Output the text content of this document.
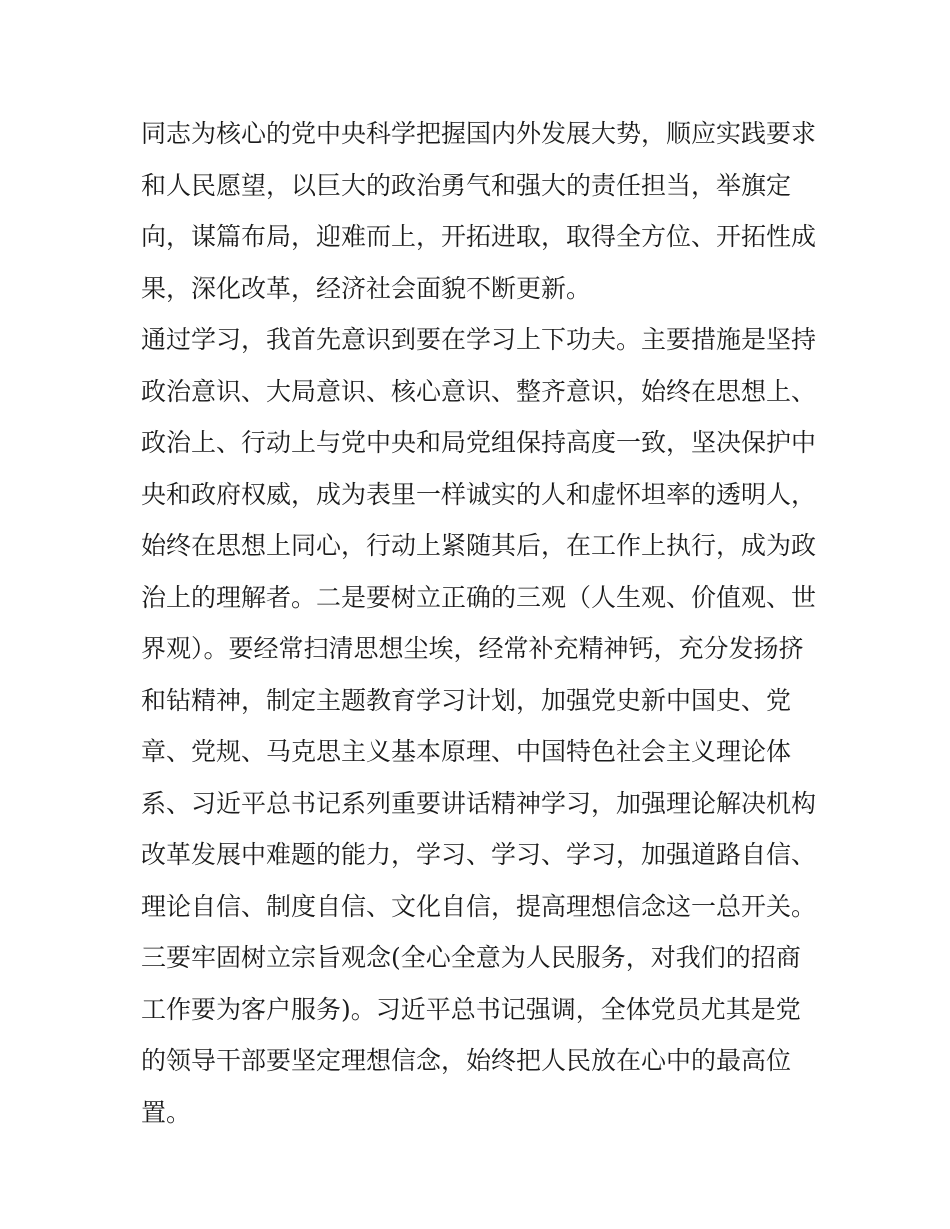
同志为核心的党中央科学把握国内外发展大势，顺应实践要求
和人民愿望，以巨大的政治勇气和强大的责任担当，举旗定
向，谋篇布局，迎难而上，开拓进取，取得全方位、开拓性成
果，深化改革，经济社会面貌不断更新。
通过学习，我首先意识到要在学习上下功夫。主要措施是坚持
政治意识、大局意识、核心意识、整齐意识，始终在思想上、
政治上、行动上与党中央和局党组保持高度一致，坚决保护中
央和政府权威，成为表里一样诚实的人和虚怀坦率的透明人，
始终在思想上同心，行动上紧随其后，在工作上执行，成为政
治上的理解者。二是要树立正确的三观（人生观、价值观、世
界观）。要经常扫清思想尘埃，经常补充精神钙，充分发扬挤
和钻精神，制定主题教育学习计划，加强党史新中国史、党
章、党规、马克思主义基本原理、中国特色社会主义理论体
系、习近平总书记系列重要讲话精神学习，加强理论解决机构
改革发展中难题的能力，学习、学习、学习，加强道路自信、
理论自信、制度自信、文化自信，提高理想信念这一总开关。
三要牢固树立宗旨观念(全心全意为人民服务，对我们的招商
工作要为客户服务)。习近平总书记强调，全体党员尤其是党
的领导干部要坚定理想信念，始终把人民放在心中的最高位
置。
